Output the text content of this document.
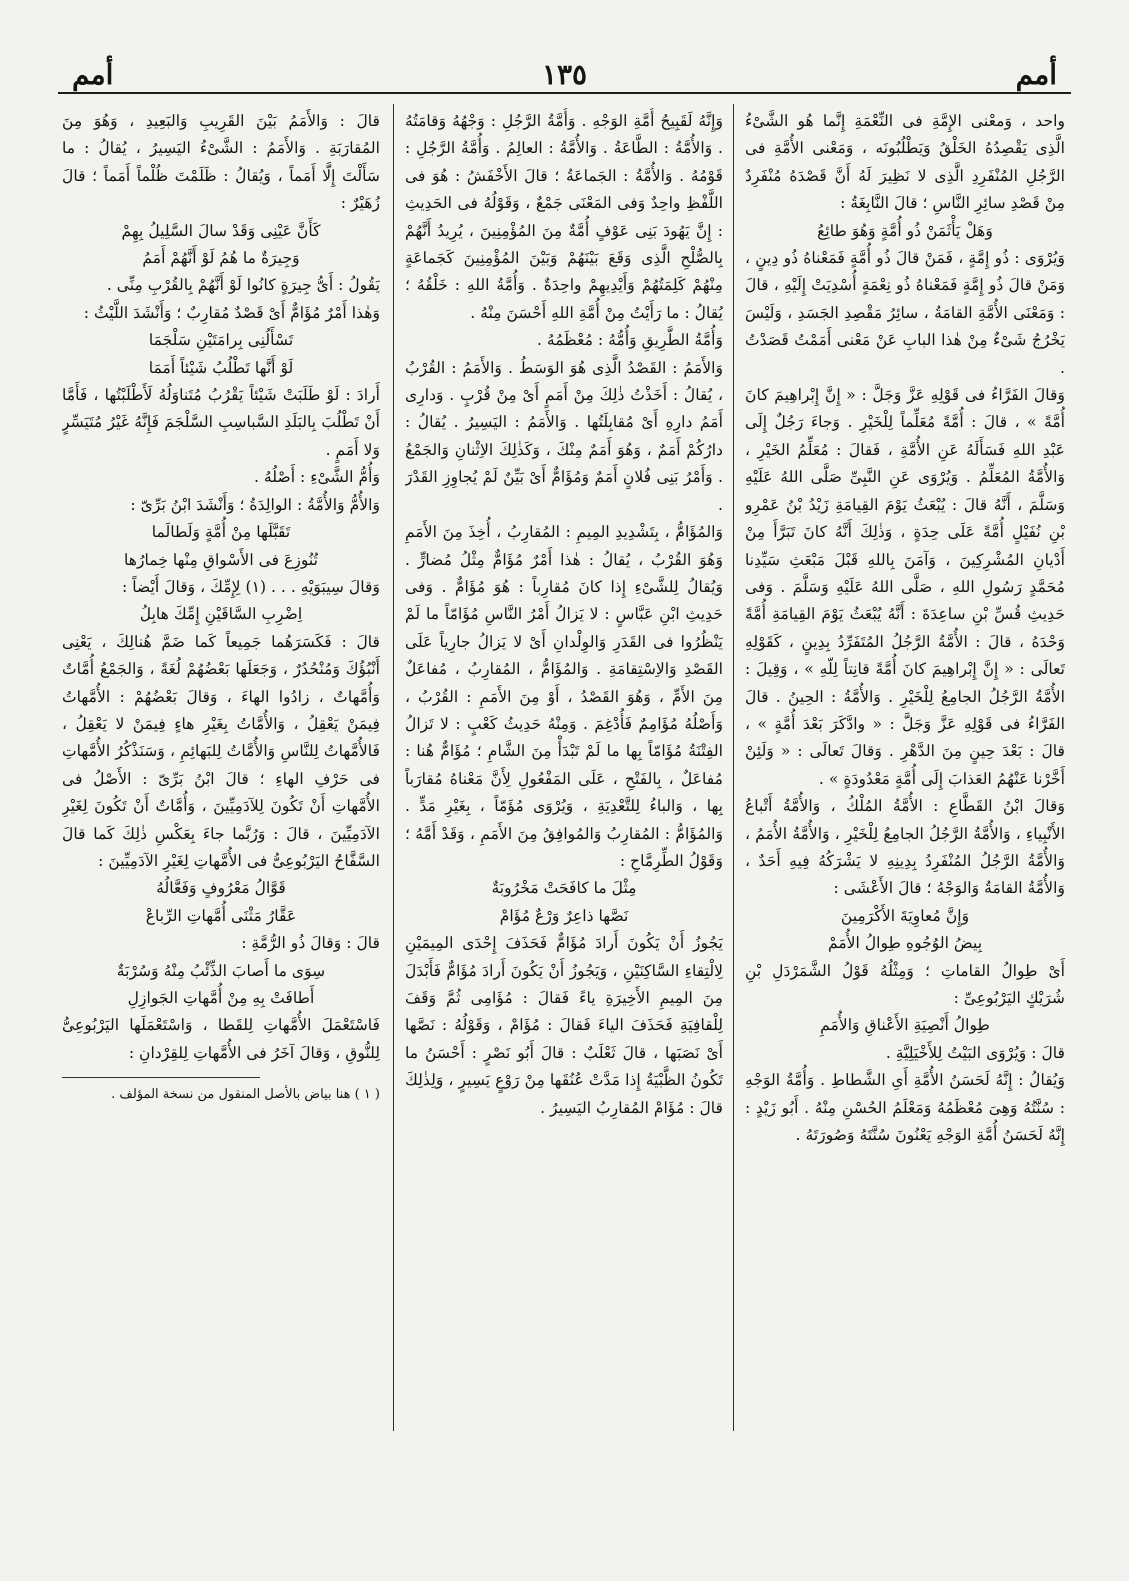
أمم	١٣٥	أمم

واحد ، وَمعْنى الإِمَّةِ فى النِّعْمَةِ إِنَّما هُو الشَّىْءُ الَّذِى يَقْصِدُهُ الخَلْقُ وَيَطْلُبُونَه ، وَمَعْنى الأُمَّةِ فى الرَّجُلِ المُنْفَرِدِ الَّذِى لا نَظِيرَ لَهُ أَنَّ قَصْدَهُ مُنْفَرِدٌ مِنْ قَصْدِ سائِرِ النَّاسِ ؛ قالَ النَّابِغَةُ :

وَهَلْ يَأْثَمَنْ ذُو أُمَّةٍ وَهُوَ طائِعُ

وَيُرْوَى : ذُو إِمَّةٍ ، فَمَنْ قالَ ذُو أُمَّةٍ فَمَعْناهُ ذُو دِينٍ ، وَمَنْ قالَ ذُو إِمَّةٍ فَمَعْناهُ ذُو نِعْمَةٍ أُسْدِيَتْ إِلَيْهِ ، قالَ : وَمَعْنَى الأُمَّةِ القامَةُ ، سائِرُ مَقْصِدِ الجَسَدِ ، وَلَيْسَ يَخْرُجُ شَىْءٌ مِنْ هٰذا البابِ عَنْ مَعْنى أَمَمْتُ قَصَدْتُ .

وَقالَ الفَرَّاءُ فى قَوْلِهِ عَزَّ وَجَلَّ : « إِنَّ إِبْراهِيمَ كانَ أُمَّةً » ، قالَ : أُمَّةً مُعَلِّماً لِلْخَيْرِ . وَجاءَ رَجُلٌ إِلَى عَبْدِ اللهِ فَسَأَلَهُ عَنِ الأُمَّةِ ، فَقالَ : مُعَلِّمُ الخَيْرِ ، وَالأُمَّةُ المُعَلِّمُ . وَيُرْوَى عَنِ النَّبِىِّ صَلَّى اللهُ عَلَيْهِ وَسَلَّمَ ، أَنَّهُ قالَ : يُبْعَثُ يَوْمَ القِيامَةِ زَيْدُ بْنُ عَمْرِو بْنِ نُفَيْلٍ أُمَّةً عَلَى حِدَةٍ ، وَذٰلِكَ أَنَّهُ كانَ تَبَرَّأَ مِنْ أَدْيانِ المُشْرِكِينَ ، وَآمَنَ بِاللهِ قَبْلَ مَبْعَثِ سَيِّدِنا مُحَمَّدٍ رَسُولِ اللهِ ، صَلَّى اللهُ عَلَيْهِ وَسَلَّمَ . وَفى حَدِيثِ قُسِّ بْنِ ساعِدَةَ : أَنَّهُ يُبْعَثُ يَوْمَ القِيامَةِ أُمَّةً وَحْدَهُ ، قالَ : الأُمَّةُ الرَّجُلُ المُتَفَرِّدُ بِدِينٍ ، كَقَوْلِهِ تَعالَى : « إِنَّ إِبْراهِيمَ كانَ أُمَّةً قانِتاً لِلّهِ » ، وَقِيلَ : الأُمَّةُ الرَّجُلُ الجامِعُ لِلْخَيْرِ . وَالأُمَّةُ : الحِينُ . قالَ الفَرَّاءُ فى قَوْلِهِ عَزَّ وَجَلَّ : « وادَّكَرَ بَعْدَ أُمَّةٍ » ، قالَ : بَعْدَ حِينٍ مِنَ الدَّهْرِ . وَقالَ تَعالَى : « وَلَئِنْ أَخَّرْنا عَنْهُمُ العَذابَ إِلَى أُمَّةٍ مَعْدُودَةٍ » .

وَقالَ ابْنُ القَطَّاعِ : الأُمَّةُ المُلْكُ ، وَالأُمَّةُ أَتْباعُ الأَنْبِياءِ ، وَالأُمَّةُ الرَّجُلُ الجامِعُ لِلْخَيْرِ ، وَالأُمَّةُ الأُمَمُ ، وَالأُمَّةُ الرَّجُلُ المُنْفَرِدُ بِدِينِهِ لا يَشْرَكُهُ فِيهِ أَحَدٌ ، وَالأُمَّةُ القامَةُ وَالوَجْهُ ؛ قالَ الأَعْشَى :

وَإِنَّ مُعاوِيَةَ الأَكْرَمِينَ

بِيضُ الوُجُوهِ طِوالُ الأُمَمْ

أَىْ طِوالُ القاماتِ ؛ وَمِثْلُهُ قَوْلُ الشَّمَرْدَلِ بْنِ شُرَيْكٍ اليَرْبُوعِىِّ :

طِوالُ أَنْصِيَةِ الأَعْناقِ وَالأُمَمِ

قالَ : وَيُرْوَى البَيْتُ لِلأَخْيَلِيَّةِ .

وَيُقالُ : إِنَّهُ لَحَسَنُ الأُمَّةِ أَىِ الشَّطاطِ . وَأُمَّةُ الوَجْهِ : سُنَّتُهُ وَهِىَ مُعْظَمُهُ وَمَعْلَمُ الحُسْنِ مِنْهُ . أَبُو زَيْدٍ : إِنَّهُ لَحَسَنُ أُمَّةِ الوَجْهِ يَعْنُونَ سُنَّتَهُ وَصُورَتَهُ .

وَإِنَّهُ لَقَبِيحُ أُمَّةِ الوَجْهِ . وَأُمَّةُ الرَّجُلِ : وَجْهُهُ وَقامَتُهُ . وَالأُمَّةُ : الطَّاعَةُ . وَالأُمَّةُ : العالِمُ . وَأُمَّةُ الرَّجُلِ : قَوْمُهُ . وَالأُمَّةُ : الجَماعَةُ ؛ قالَ الأَخْفَشُ : هُوَ فى اللَّفْظِ واحِدٌ وَفى المَعْنَى جَمْعٌ ، وَقَوْلُهُ فى الحَدِيثِ : إِنَّ يَهُودَ بَنِى عَوْفٍ أُمَّةٌ مِنَ المُؤْمِنِينَ ، يُرِيدُ أَنَّهُمْ بِالصُّلْحِ الَّذِى وَقَعَ بَيْنَهُمْ وَبَيْنَ المُؤْمِنِينَ كَجَماعَةٍ مِنْهُمْ كَلِمَتُهُمْ وَأَيْدِيهِمْ واحِدَةٌ . وَأُمَّةُ اللهِ : خَلْقُهُ ؛ يُقالُ : ما رَأَيْتُ مِنْ أُمَّةِ اللهِ أَحْسَنَ مِنْهُ .

وَأُمَّةُ الطَّرِيقِ وَأُمُّهُ : مُعْظَمُهُ .

وَالأَمَمُ : القَصْدُ الَّذِى هُوَ الوَسَطُ . وَالأَمَمُ : القُرْبُ ، يُقالُ : أَخَذْتُ ذٰلِكَ مِنْ أَمَمٍ أَىْ مِنْ قُرْبٍ . وَدارِى أَمَمُ دارِهِ أَىْ مُقابِلَتُها . وَالأَمَمُ : اليَسِيرُ . يُقالُ : دارُكُمْ أَمَمٌ ، وَهُوَ أَمَمٌ مِنْكَ ، وَكَذٰلِكَ الاِثْنانِ وَالجَمْعُ . وَأَمْرُ بَنِى فُلانٍ أَمَمٌ وَمُؤَامٌّ أَىْ بَيِّنٌ لَمْ يُجاوِزِ القَدْرَ .

وَالمُؤَامُّ ، بِتَشْدِيدِ المِيمِ : المُقارِبُ ، أُخِذَ مِنَ الأَمَمِ وَهُوَ القُرْبُ ، يُقالُ : هٰذا أَمْرٌ مُؤَامٌّ مِثْلُ مُضارٍّ . وَيُقالُ لِلشَّىْءِ إِذا كانَ مُقارِباً : هُوَ مُؤَامٌّ . وَفى حَدِيثِ ابْنِ عَبَّاسٍ : لا يَزالُ أَمْرُ النَّاسِ مُؤَامّاً ما لَمْ يَنْظُرُوا فى القَدَرِ وَالوِلْدانِ أَىْ لا يَزالُ جارِياً عَلَى القَصْدِ وَالاِسْتِقامَةِ . وَالمُؤَامُّ ، المُقارِبُ ، مُفاعَلٌ مِنَ الأَمِّ ، وَهُوَ القَصْدُ ، أَوْ مِنَ الأَمَمِ : القُرْبُ ، وَأَصْلُهُ مُؤَامِمٌ فَأُدْغِمَ . وَمِنْهُ حَدِيثُ كَعْبٍ : لا تَزالُ الفِتْنَةُ مُؤَامّاً بِها ما لَمْ تَبْدَأْ مِنَ الشَّامِ ؛ مُؤَامٌّ هُنا : مُفاعَلٌ ، بِالفَتْحِ ، عَلَى المَفْعُولِ لِأَنَّ مَعْناهُ مُقارَباً بِها ، وَالباءُ لِلتَّعْدِيَةِ ، وَيُرْوَى مُؤَمّاً ، بِغَيْرِ مَدٍّ . وَالمُؤَامُّ : المُقارِبُ وَالمُوافِقُ مِنَ الأَمَمِ ، وَقَدْ أَمَّهُ ؛ وَقَوْلُ الطِّرِمَّاحِ :

مِثْلَ ما كافَحَتْ مَخْرُوبَةٌ

نَصَّها ذاعِرٌ وَرْعٌ مُؤَامْ

يَجُوزُ أَنْ يَكُونَ أَرادَ مُؤَامٌّ فَحَذَفَ إِحْدَى المِيمَيْنِ لِالْتِقاءِ السَّاكِنَيْنِ ، وَيَجُوزُ أَنْ يَكُونَ أَرادَ مُؤَامٌّ فَأَبْدَلَ مِنَ المِيمِ الأَخِيرَةِ ياءً فَقالَ : مُؤَامِى ثُمَّ وَقَفَ لِلْقافِيَةِ فَحَذَفَ الياءَ فَقالَ : مُؤَامْ ، وَقَوْلُهُ : نَصَّها أَىْ نَصَبَها ، قالَ ثَعْلَبٌ : قالَ أَبُو نَصْرٍ : أَحْسَنُ ما تَكُونُ الظَّبْيَةُ إِذا مَدَّتْ عُنُقَها مِنْ رَوْعٍ يَسِيرٍ ، وَلِذٰلِكَ قالَ : مُؤَامْ المُقارِبُ اليَسِيرُ .

قالَ : وَالأَمَمُ بَيْنَ القَرِيبِ وَالبَعِيدِ ، وَهُوَ مِنَ المُقارَبَةِ . وَالأَمَمُ : الشَّىْءُ اليَسِيرُ ، يُقالُ : ما سَأَلْتَ إِلَّا أَمَماً ، وَيُقالُ : ظَلَمْتَ ظُلْماً أَمَماً ؛ قالَ زُهَيْرٌ :

كَأَنَّ عَيْنِى وَقَدْ سالَ السَّلِيلُ بِهِمْ

وَجِيرَةٌ ما هُمُ لَوْ أَنَّهُمْ أَمَمُ

يَقُولُ : أَىُّ جِيرَةٍ كانُوا لَوْ أَنَّهُمْ بِالقُرْبِ مِنِّى .

وَهٰذا أَمْرٌ مُؤَامٌّ أَىْ قَصْدٌ مُقارِبٌ ؛ وَأَنْشَدَ اللَّيْثُ :

تَسْأَلُنِى بِرامَتَيْنِ سَلْجَمَا

لَوْ أَنَّها تَطْلُبُ شَيْئاً أَمَمَا

أَرادَ : لَوْ طَلَبَتْ شَيْئاً يَقْرُبُ مُتَناوَلُهُ لَأَطْلَبْتُها ، فَأَمَّا أَنْ تَطْلُبَ بِالبَلَدِ السَّباسِبِ السَّلْجَمَ فَإِنَّهُ غَيْرُ مُتَيَسِّرٍ وَلا أَمَمٍ .

وَأُمُّ الشَّىْءِ : أَصْلُهُ .

وَالأُمُّ وَالأُمَّةُ : الوالِدَةُ ؛ وَأَنْشَدَ ابْنُ بَرِّىّ :

تَقَبَّلَها مِنْ أُمَّةٍ وَلَطالَما

تُنُوزِعَ فى الأَسْواقِ مِنْها خِمارُها

وَقالَ سِيبَوَيْهِ . . . (١) لِإِمِّكَ ، وَقالَ أَيْضاً :

اِضْرِبِ السَّاقَيْنِ إِمِّكَ هابِلُ

قالَ : فَكَسَرَهُما جَمِيعاً كَما ضَمَّ هُنالِكَ ، يَعْنِى أَنْبُؤُكَ وَمُنْحُدُرٌ ، وَجَعَلَها بَعْضُهُمْ لُغَةً ، وَالجَمْعُ أُمَّاتٌ وَأُمَّهاتٌ ، زادُوا الهاءَ ، وَقالَ بَعْضُهُمْ : الأُمَّهاتُ فِيمَنْ يَعْقِلُ ، وَالأُمَّاتُ بِغَيْرِ هاءٍ فِيمَنْ لا يَعْقِلُ ، فَالأُمَّهاتُ لِلنَّاسِ وَالأُمَّاتُ لِلبَهائِمِ ، وَسَنَذْكُرُ الأُمَّهاتِ فى حَرْفِ الهاءِ ؛ قالَ ابْنُ بَرِّىّ : الأَصْلُ فى الأُمَّهاتِ أَنْ تَكُونَ لِلآدَمِيِّينَ ، وَأُمَّاتٌ أَنْ تَكُونَ لِغَيْرِ الآدَمِيِّينَ ، قالَ : وَرُبَّما جاءَ بِعَكْسِ ذٰلِكَ كَما قالَ السَّفَّاحُ اليَرْبُوعِىُّ فى الأُمَّهاتِ لِغَيْرِ الآدَمِيِّينَ :

قَوَّالُ مَعْرُوفٍ وَفَعَّالُهُ

عَقَّارُ مَثْنَى أُمَّهاتِ الرِّباعْ

قالَ : وَقالَ ذُو الرُّمَّةِ :

سِوَى ما أَصابَ الذِّئْبُ مِنْهُ وَسُرْبَةٌ

أَطافَتْ بِهِ مِنْ أُمَّهاتِ الجَوازِلِ

فَاسْتَعْمَلَ الأُمَّهاتِ لِلقَطا ، وَاسْتَعْمَلَها اليَرْبُوعِىُّ لِلنُّوقِ ، وَقالَ آخَرُ فى الأُمَّهاتِ لِلقِرْدانِ :

( ١ ) هنا بياض بالأصل المنقول من نسخة المؤلف .
